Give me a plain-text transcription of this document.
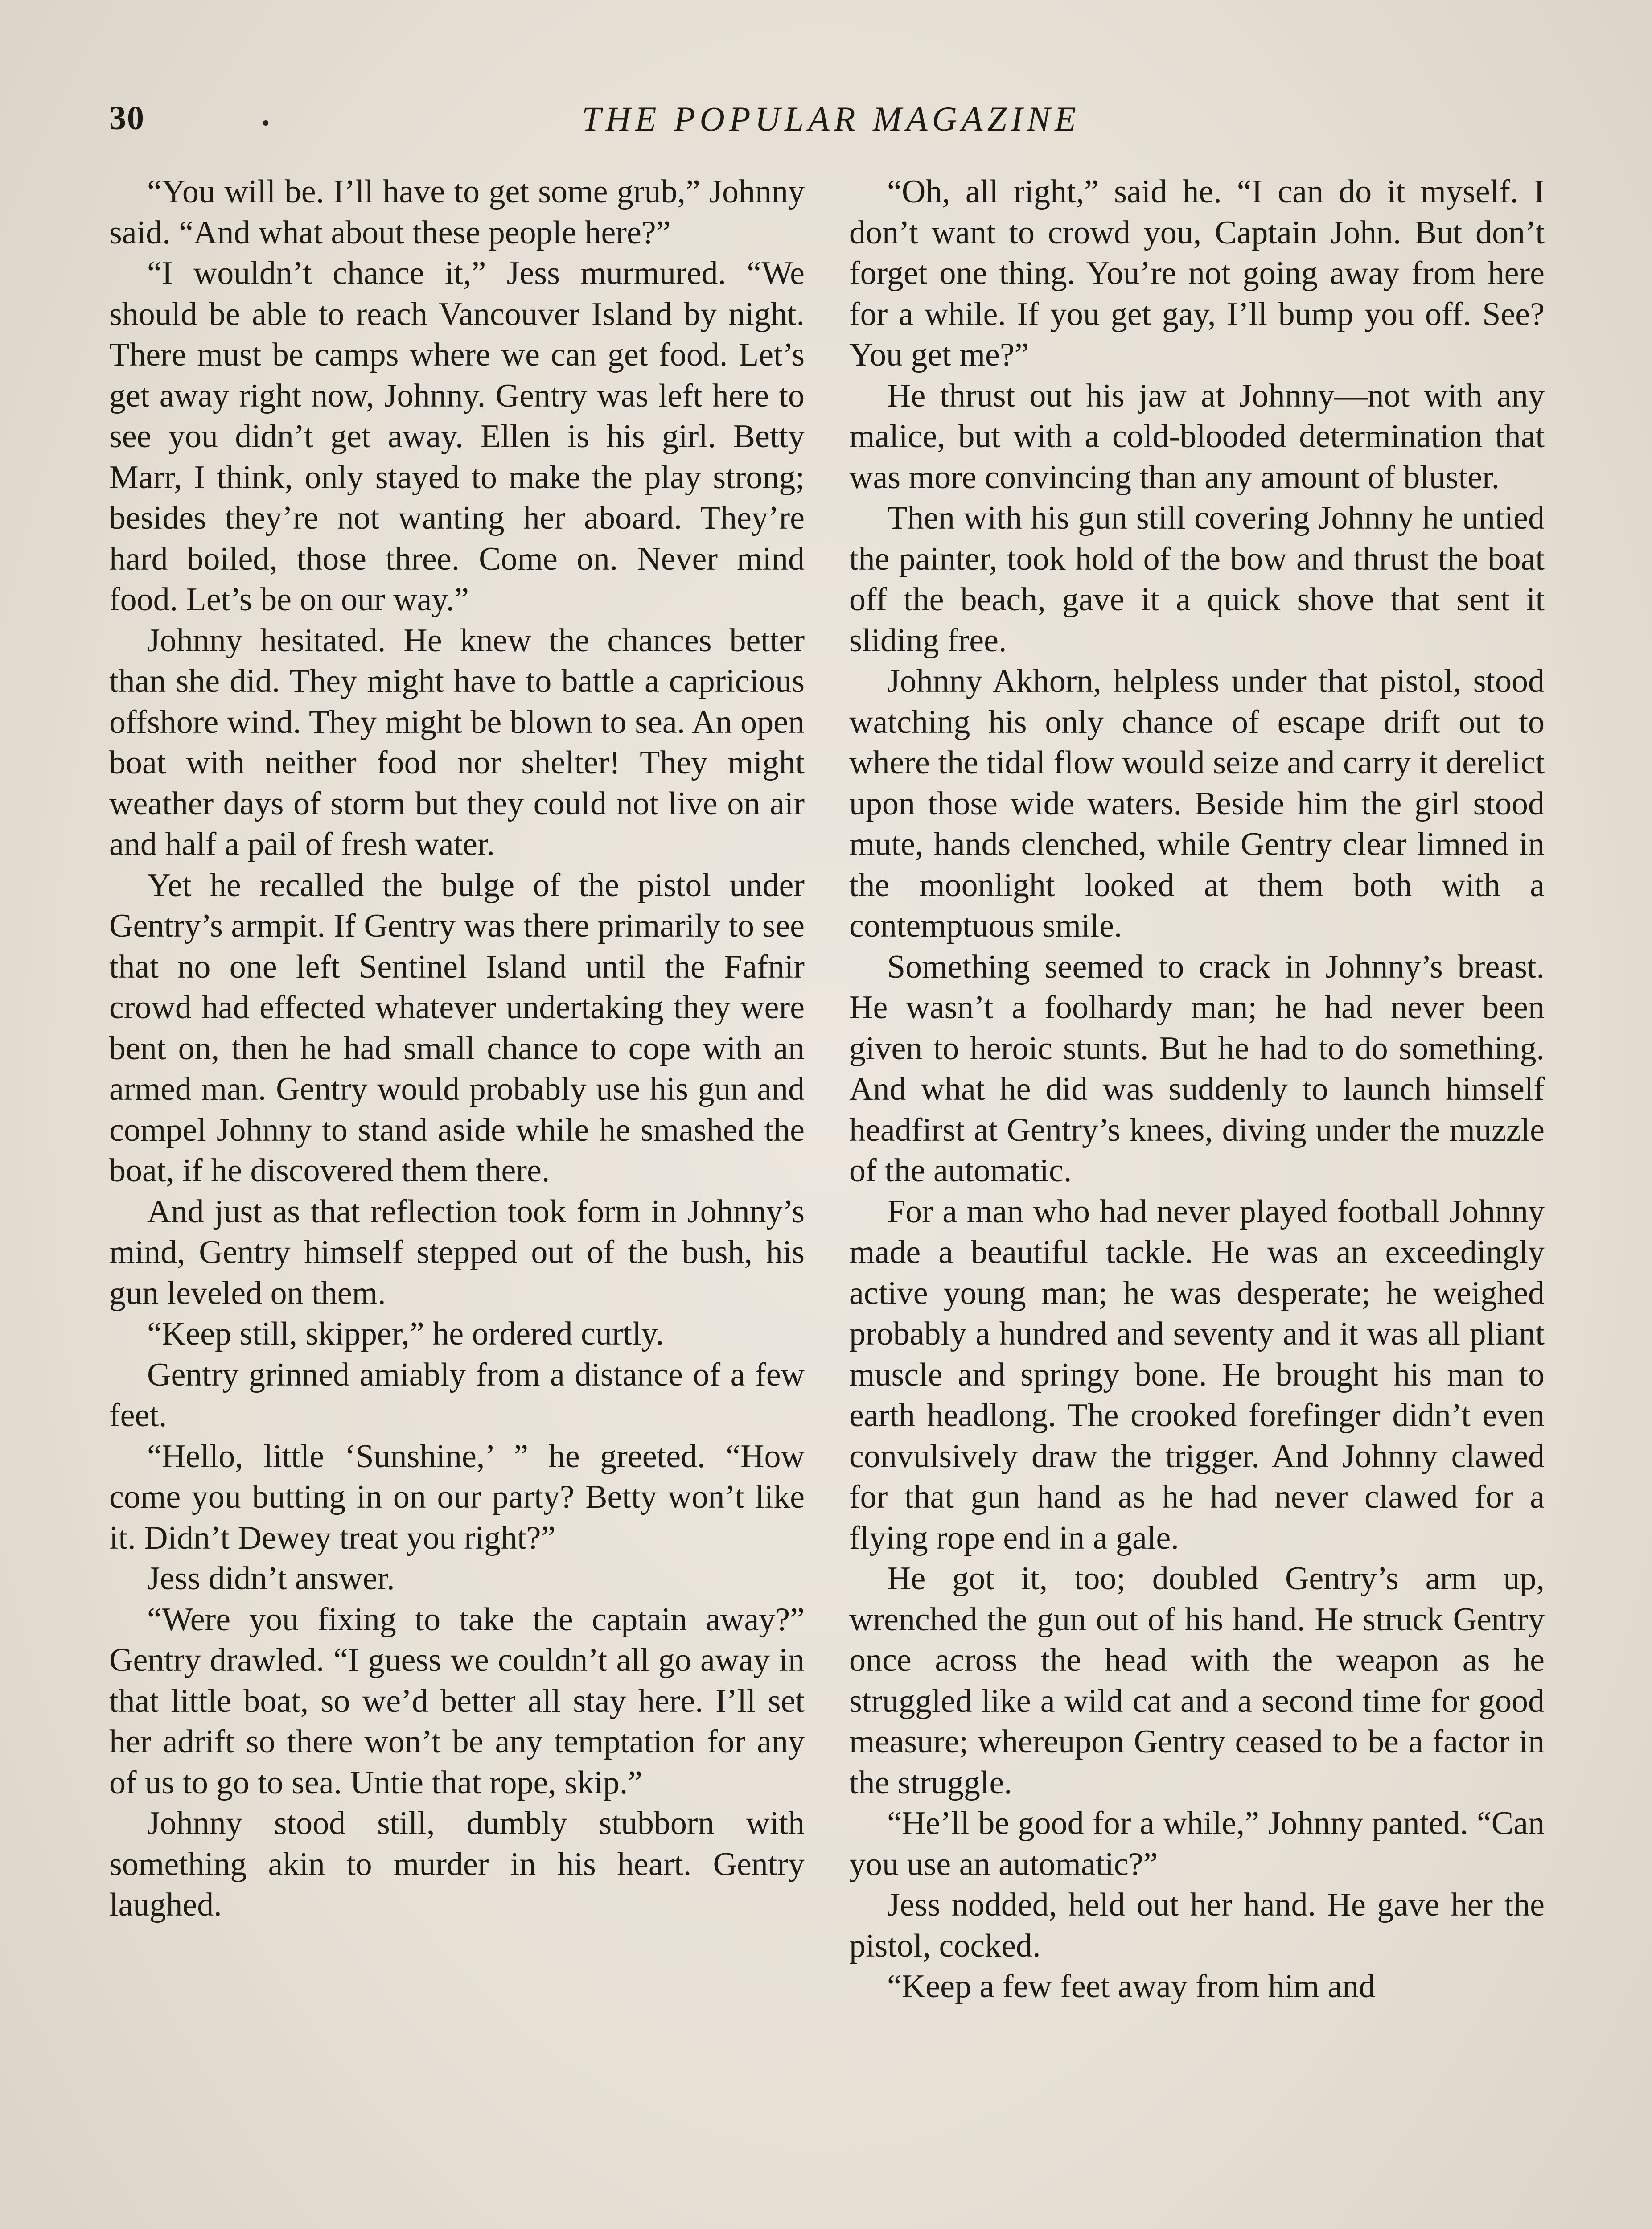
30	THE POPULAR MAGAZINE

“You will be. I’ll have to get some grub,” Johnny said. “And what about these people here?”

“I wouldn’t chance it,” Jess murmured. “We should be able to reach Vancouver Island by night. There must be camps where we can get food. Let’s get away right now, Johnny. Gentry was left here to see you didn’t get away. Ellen is his girl. Betty Marr, I think, only stayed to make the play strong; besides they’re not wanting her aboard. They’re hard boiled, those three. Come on. Never mind food. Let’s be on our way.”

Johnny hesitated. He knew the chances better than she did. They might have to battle a capricious offshore wind. They might be blown to sea. An open boat with neither food nor shelter! They might weather days of storm but they could not live on air and half a pail of fresh water.

Yet he recalled the bulge of the pistol under Gentry’s armpit. If Gentry was there primarily to see that no one left Sentinel Island until the Fafnir crowd had effected whatever undertaking they were bent on, then he had small chance to cope with an armed man. Gentry would probably use his gun and compel Johnny to stand aside while he smashed the boat, if he discovered them there.

And just as that reflection took form in Johnny’s mind, Gentry himself stepped out of the bush, his gun leveled on them.

“Keep still, skipper,” he ordered curtly.

Gentry grinned amiably from a distance of a few feet.

“Hello, little ‘Sunshine,’ ” he greeted. “How come you butting in on our party? Betty won’t like it. Didn’t Dewey treat you right?”

Jess didn’t answer.

“Were you fixing to take the captain away?” Gentry drawled. “I guess we couldn’t all go away in that little boat, so we’d better all stay here. I’ll set her adrift so there won’t be any temptation for any of us to go to sea. Untie that rope, skip.”

Johnny stood still, dumbly stubborn with something akin to murder in his heart. Gentry laughed.

“Oh, all right,” said he. “I can do it myself. I don’t want to crowd you, Captain John. But don’t forget one thing. You’re not going away from here for a while. If you get gay, I’ll bump you off. See? You get me?”

He thrust out his jaw at Johnny—not with any malice, but with a cold-blooded determination that was more convincing than any amount of bluster.

Then with his gun still covering Johnny he untied the painter, took hold of the bow and thrust the boat off the beach, gave it a quick shove that sent it sliding free.

Johnny Akhorn, helpless under that pistol, stood watching his only chance of escape drift out to where the tidal flow would seize and carry it derelict upon those wide waters. Beside him the girl stood mute, hands clenched, while Gentry clear limned in the moonlight looked at them both with a contemptuous smile.

Something seemed to crack in Johnny’s breast. He wasn’t a foolhardy man; he had never been given to heroic stunts. But he had to do something. And what he did was suddenly to launch himself headfirst at Gentry’s knees, diving under the muzzle of the automatic.

For a man who had never played football Johnny made a beautiful tackle. He was an exceedingly active young man; he was desperate; he weighed probably a hundred and seventy and it was all pliant muscle and springy bone. He brought his man to earth headlong. The crooked forefinger didn’t even convulsively draw the trigger. And Johnny clawed for that gun hand as he had never clawed for a flying rope end in a gale.

He got it, too; doubled Gentry’s arm up, wrenched the gun out of his hand. He struck Gentry once across the head with the weapon as he struggled like a wild cat and a second time for good measure; whereupon Gentry ceased to be a factor in the struggle.

“He’ll be good for a while,” Johnny panted. “Can you use an automatic?”

Jess nodded, held out her hand. He gave her the pistol, cocked.

“Keep a few feet away from him and
